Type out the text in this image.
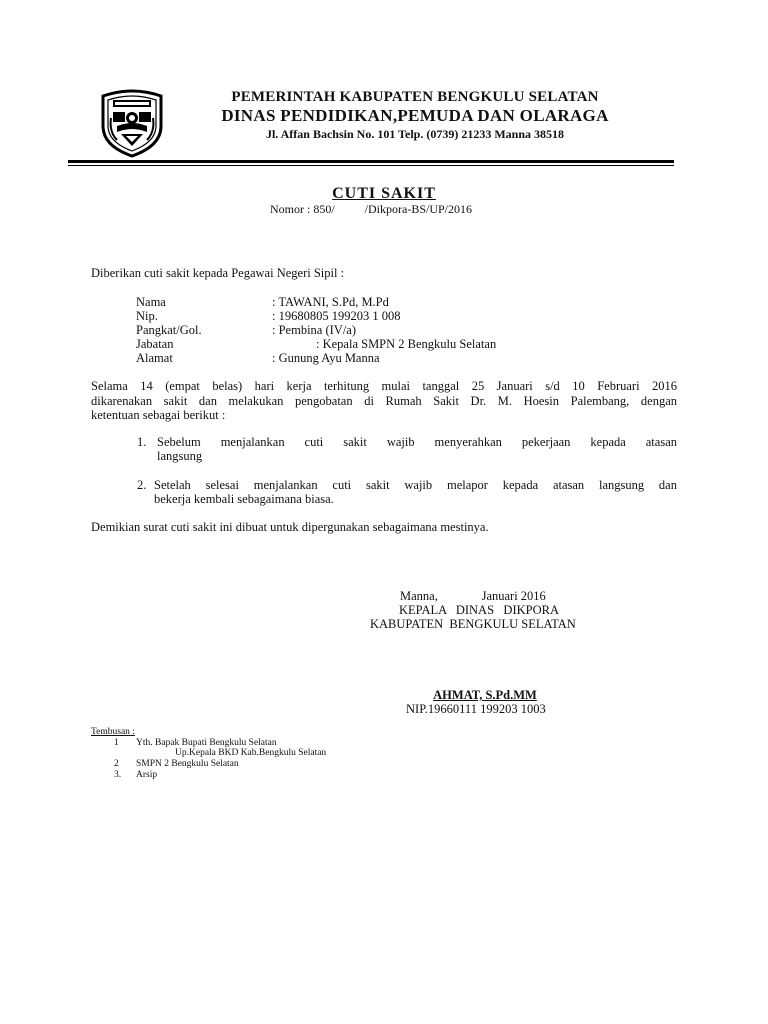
PEMERINTAH KABUPATEN BENGKULU SELATAN
DINAS PENDIDIKAN,PEMUDA DAN OLARAGA
Jl. Affan Bachsin No. 101 Telp. (0739) 21233 Manna 38518
CUTI SAKIT
Nomor : 850/          /Dikpora-BS/UP/2016
Diberikan cuti sakit kepada Pegawai Negeri Sipil :
Nama	: TAWANI, S.Pd, M.Pd
Nip.	: 19680805 199203 1 008
Pangkat/Gol.	: Pembina (IV/a)
Jabatan	: Kepala SMPN 2 Bengkulu Selatan
Alamat	: Gunung Ayu Manna
Selama 14 (empat belas) hari kerja terhitung mulai tanggal 25 Januari s/d 10 Februari 2016
dikarenakan sakit dan melakukan pengobatan di Rumah Sakit Dr. M. Hoesin Palembang, dengan
ketentuan sebagai berikut :
1. Sebelum menjalankan cuti sakit wajib menyerahkan pekerjaan kepada atasan
langsung
2. Setelah selesai menjalankan cuti sakit wajib melapor kepada atasan langsung dan
bekerja kembali sebagaimana biasa.
Demikian surat cuti sakit ini dibuat untuk dipergunakan sebagaimana mestinya.
Manna,              Januari 2016
KEPALA   DINAS   DIKPORA
KABUPATEN  BENGKULU SELATAN
AHMAT, S.Pd.MM
NIP.19660111 199203 1003
Tembusan :
1 Yth. Bapak Bupati Bengkulu Selatan
Up.Kepala BKD Kab.Bengkulu Selatan
2 SMPN 2 Bengkulu Selatan
3. Arsip
